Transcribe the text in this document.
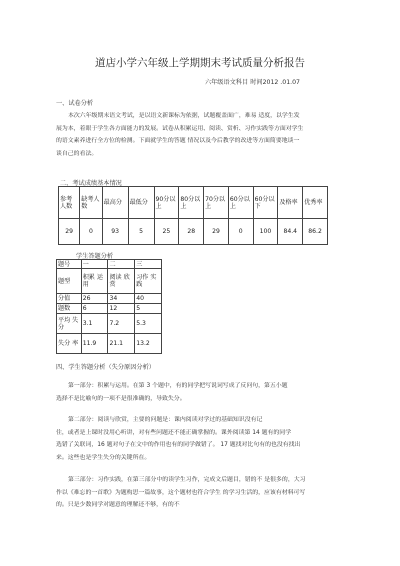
道店小学六年级上学期期末考试质量分析报告
六年级语文科目 时间2012 .01.07
一、试卷分析
本次六年级期末语文考试，是以语文新课标为依据，试题覆盖面广，难易 适度，以学生发
展为本，着眼于学生各方面能力的发展。试卷从积累运用、阅读、赏析、习作实践等方面对学生
的语文素养进行全方位的检测。下面就学生的答题 情况以及今后教学的改进等方面简要地谈一
谈自己的看法。
二、考试成绩基本情况
参考人数	缺考人数	最高分	最低分	90分以上	80分以上	70分以上	60分以上	60分以下	及格率	优秀率
29	0	93	5	25	28	29	0	100	84.4	86.2
学生答题分析
题号	一	二	三
题型	积累 运用	阅读 欣赏	习作 实践
分值	26	34	40
题数	6	12	5
平均 失分	3.1	7.2	5.3
失分 率	11.9	21.1	13.2
四、学生答题分析（失分原因分析）
第一部分：积累与运用。在第 3 个题中，有的同学把写说词写成了反问句，第五小题
选择不是比喻句的一项不是很准确的，导致失分。
第二部分：阅读与欣赏，主要的问题是：课内阅读对学过的基础知识没有记
住，或者是上课时没用心听讲，对有些问题还不能正确掌握的。课外阅读第 14 题有的同学
选错了关联词，16 题对句子在文中的作用也有的同学做错了。 17 题找对比句有的也没有找出
来。这些也是学生失分的关键所在。
第三部分：习作实践，在第三部分中的读学生习作，完成文后题目，错的不 是很多的，大习
作以《难忘的一首歌》为题构思一篇故事，这个题材也符合学生 的学习生活的，应该有材料可写
的。只是少数同学对题意的理解还不够，有的不
